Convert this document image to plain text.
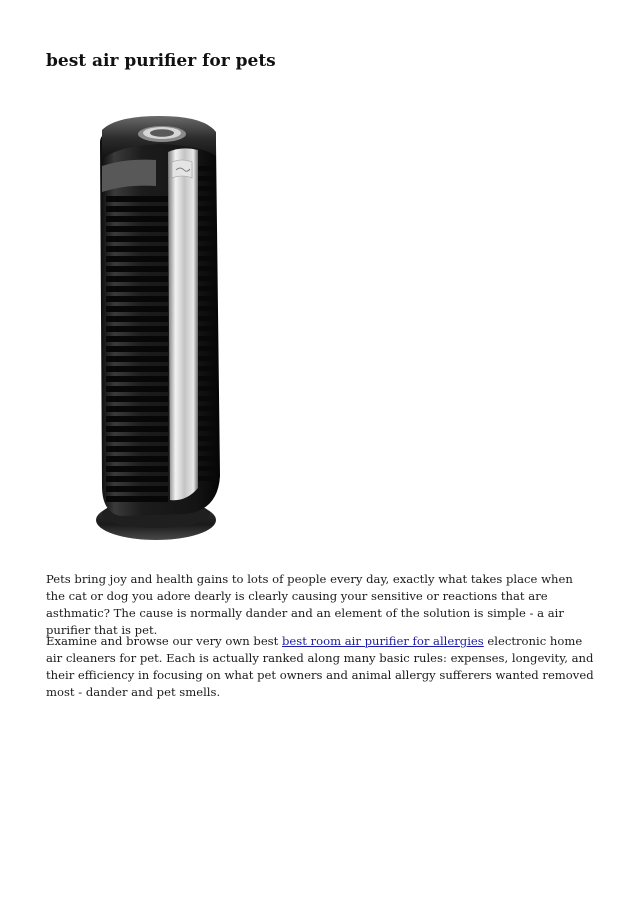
best air purifier for pets

Pets bring joy and health gains to lots of people every day, exactly what takes place when the cat or dog you adore dearly is clearly causing your sensitive or reactions that are asthmatic? The cause is normally dander and an element of the solution is simple - a air purifier that is pet.

Examine and browse our very own best best room air purifier for allergies electronic home air cleaners for pet. Each is actually ranked along many basic rules: expenses, longevity, and their efficiency in focusing on what pet owners and animal allergy sufferers wanted removed most - dander and pet smells.
